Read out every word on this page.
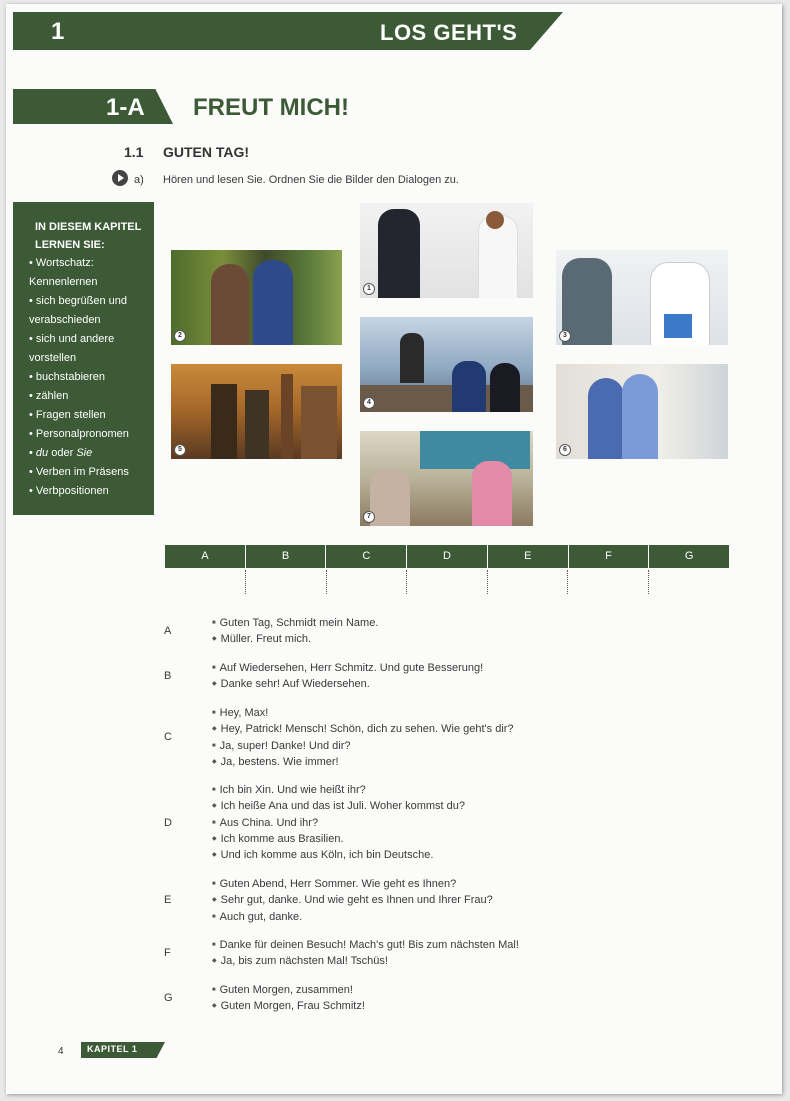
1	LOS GEHT'S
1-A FREUT MICH!
1.1 GUTEN TAG!
a) Hören und lesen Sie. Ordnen Sie die Bilder den Dialogen zu.
IN DIESEM KAPITEL LERNEN SIE:
• Wortschatz: Kennenlernen
• sich begrüßen und verabschieden
• sich und andere vorstellen
• buchstabieren
• zählen
• Fragen stellen
• Personalpronomen
• du oder Sie
• Verben im Präsens
• Verbpositionen
2
5
1
4
7
3
6
A	B	C	D	E	F	G
A
■ Guten Tag, Schmidt mein Name.
◆ Müller. Freut mich.
B
■ Auf Wiedersehen, Herr Schmitz. Und gute Besserung!
◆ Danke sehr! Auf Wiedersehen.
C
■ Hey, Max!
◆ Hey, Patrick! Mensch! Schön, dich zu sehen. Wie geht's dir?
■ Ja, super! Danke! Und dir?
◆ Ja, bestens. Wie immer!
D
■ Ich bin Xin. Und wie heißt ihr?
◆ Ich heiße Ana und das ist Juli. Woher kommst du?
■ Aus China. Und ihr?
◆ Ich komme aus Brasilien.
◆ Und ich komme aus Köln, ich bin Deutsche.
E
■ Guten Abend, Herr Sommer. Wie geht es Ihnen?
◆ Sehr gut, danke. Und wie geht es Ihnen und Ihrer Frau?
■ Auch gut, danke.
F
■ Danke für deinen Besuch! Mach's gut! Bis zum nächsten Mal!
◆ Ja, bis zum nächsten Mal! Tschüs!
G
■ Guten Morgen, zusammen!
◆ Guten Morgen, Frau Schmitz!
4	KAPITEL 1
